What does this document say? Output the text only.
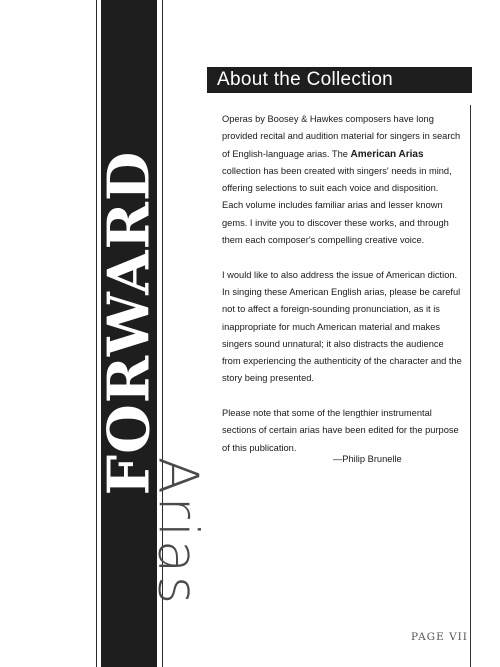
FORWARD
Arias
About the Collection

Operas by Boosey & Hawkes composers have long provided recital and audition material for singers in search of English-language arias. The American Arias collection has been created with singers' needs in mind, offering selections to suit each voice and disposition. Each volume includes familiar arias and lesser known gems. I invite you to discover these works, and through them each composer's compelling creative voice.

I would like to also address the issue of American diction. In singing these American English arias, please be careful not to affect a foreign-sounding pronunciation, as it is inappropriate for much American material and makes singers sound unnatural; it also distracts the audience from experiencing the authenticity of the character and the story being presented.

Please note that some of the lengthier instrumental sections of certain arias have been edited for the purpose of this publication.

—Philip Brunelle
PAGE VII
